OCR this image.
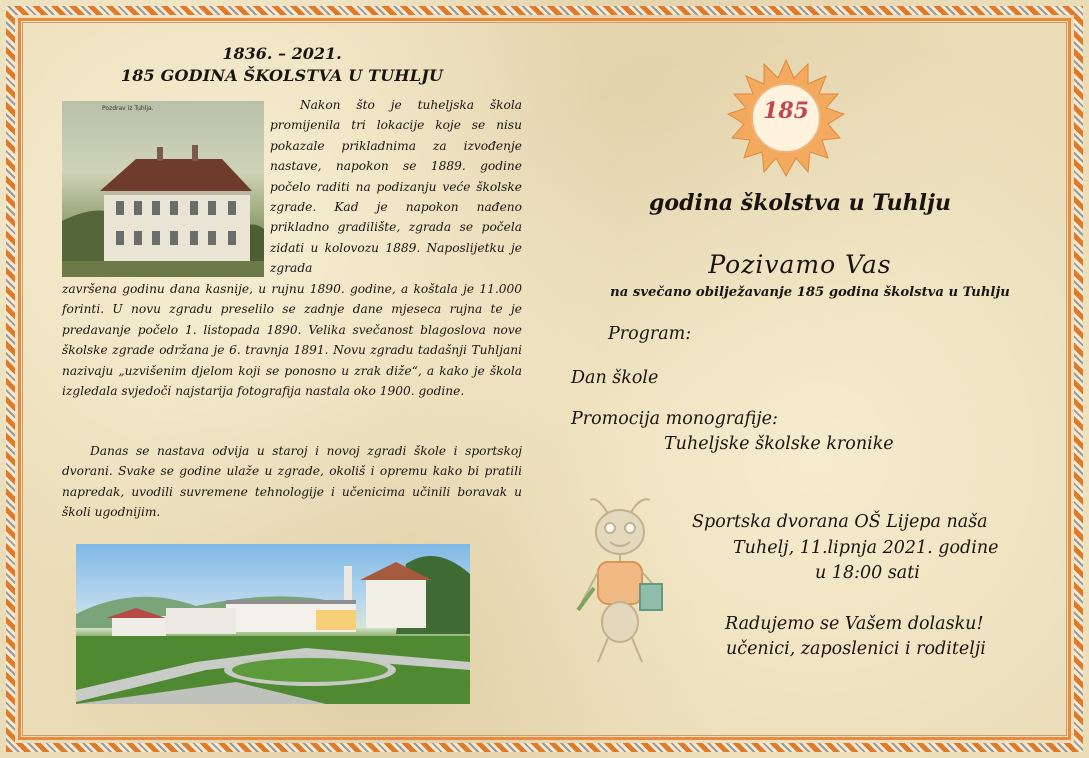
1836. – 2021.
185 GODINA ŠKOLSTVA U TUHLJU
Pozdrav iz Tuhlja.	Nakon što je tuheljska škola promijenila tri lokacije koje se nisu pokazale prikladnima za izvođenje nastave, napokon se 1889. godine počelo raditi na podizanju veće školske zgrade. Kad je napokon nađeno prikladno gradilište, zgrada se počela zidati u kolovozu 1889. Naposlijetku je zgrada
završena godinu dana kasnije, u rujnu 1890. godine, a koštala je 11.000 forinti. U novu zgradu preselilo se zadnje dane mjeseca rujna te je predavanje počelo 1. listopada 1890. Velika svečanost blagoslova nove školske zgrade održana je 6. travnja 1891. Novu zgradu tadašnji Tuhljani nazivaju „uzvišenim djelom koji se ponosno u zrak diže“, a kako je škola izgledala svjedoči najstarija fotografija nastala oko 1900. godine.
Danas se nastava odvija u staroj i novoj zgradi škole i sportskoj dvorani. Svake se godine ulaže u zgrade, okoliš i opremu kako bi pratili napredak, uvodili suvremene tehnologije i učenicima učinili boravak u školi ugodnijim.
185
godina školstva u Tuhlju
Pozivamo Vas
na svečano obilježavanje 185 godina školstva u Tuhlju
Program:
Dan škole
Promocija monografije:
Tuheljske školske kronike
Sportska dvorana OŠ Lijepa naša
Tuhelj, 11.lipnja 2021. godine
u 18:00 sati
Radujemo se Vašem dolasku!
učenici, zaposlenici i roditelji
